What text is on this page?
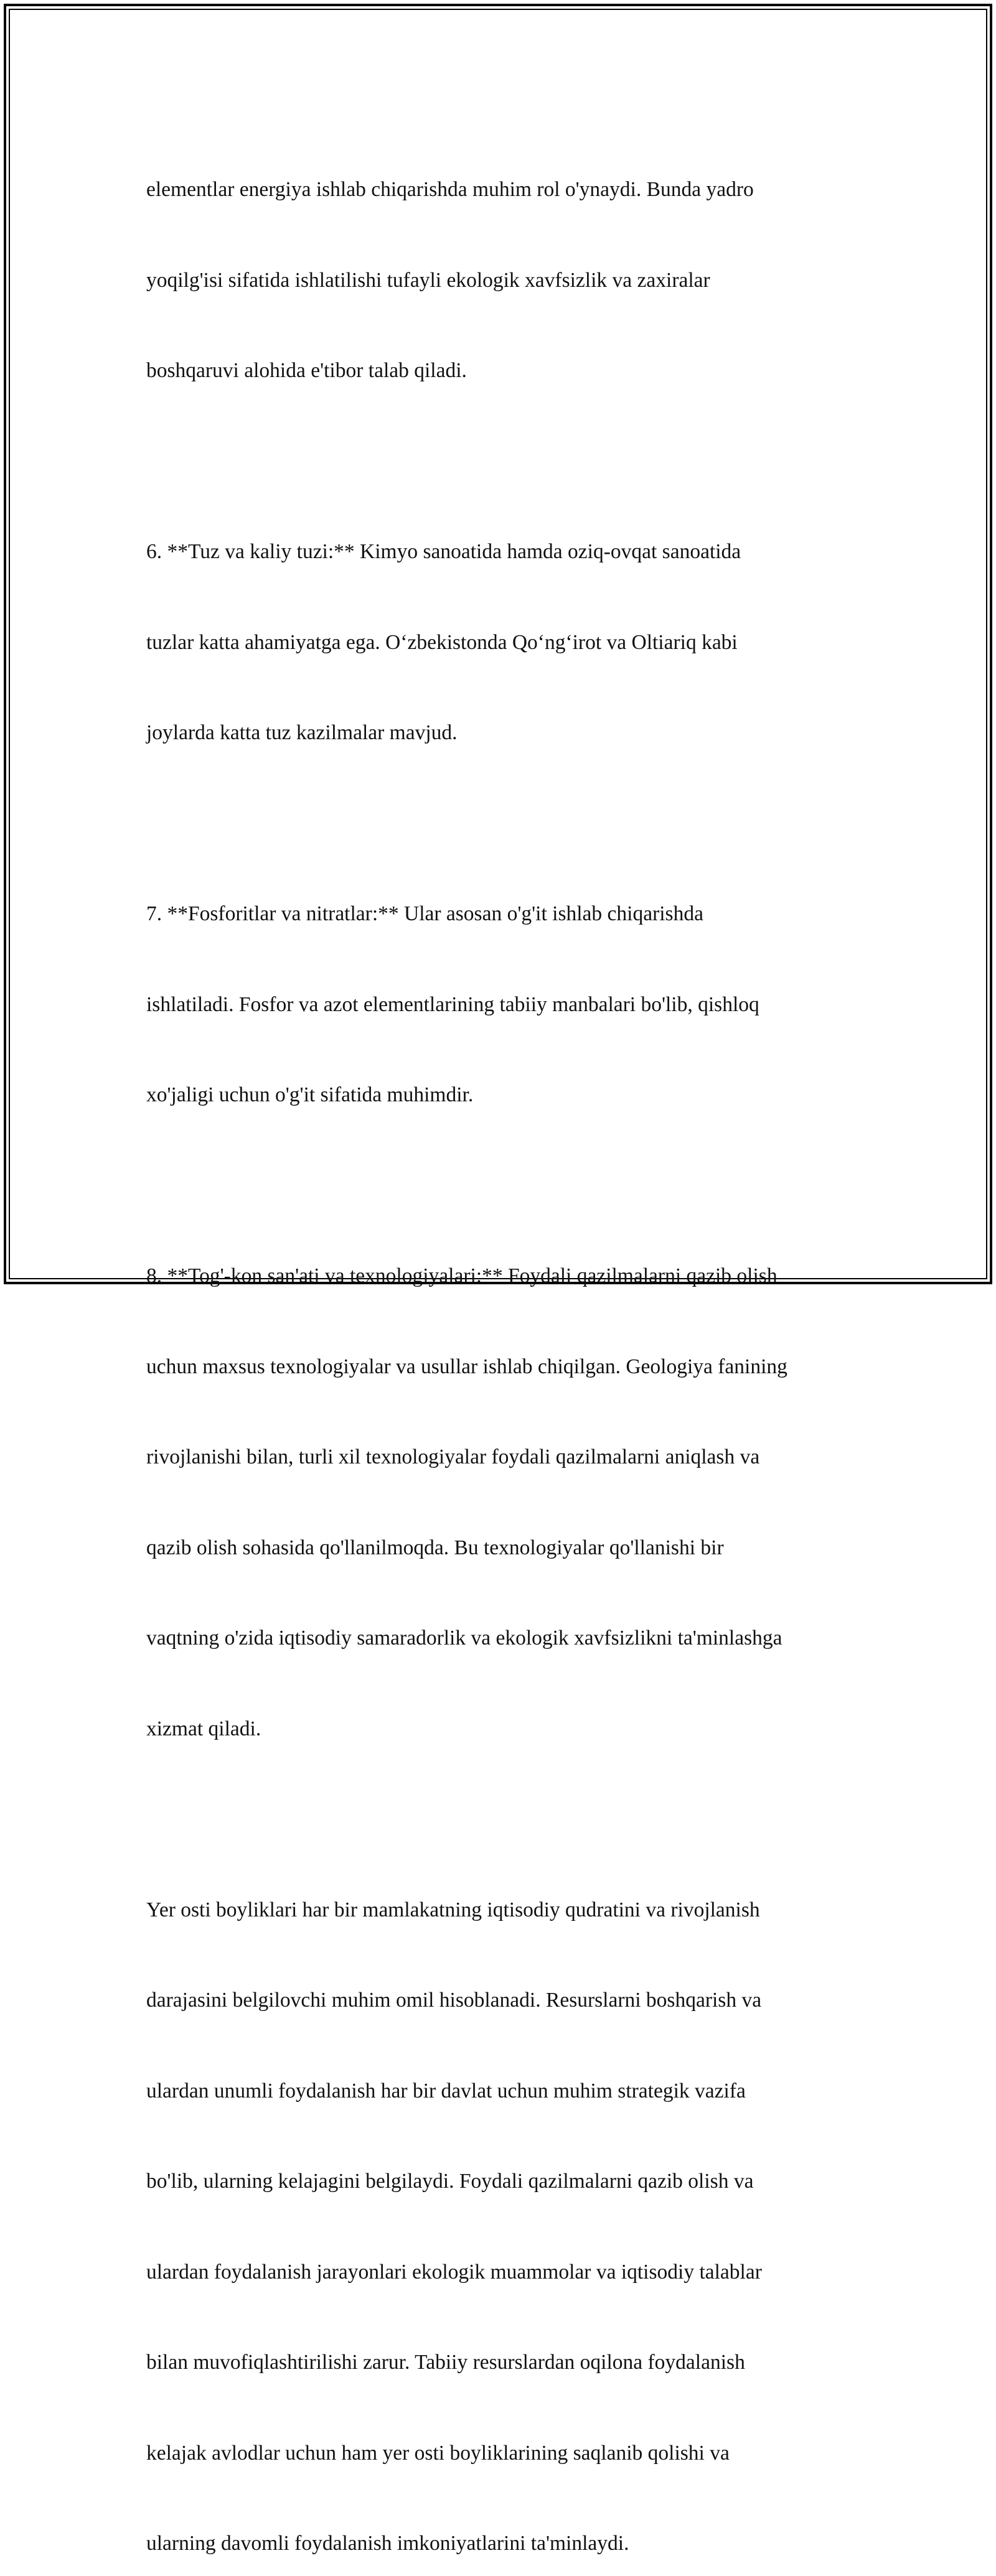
elementlar energiya ishlab chiqarishda muhim rol o'ynaydi. Bunda yadro

yoqilg'isi sifatida ishlatilishi tufayli ekologik xavfsizlik va zaxiralar

boshqaruvi alohida e'tibor talab qiladi.

6. **Tuz va kaliy tuzi:** Kimyo sanoatida hamda oziq-ovqat sanoatida

tuzlar katta ahamiyatga ega. O‘zbekistonda Qo‘ng‘irot va Oltiariq kabi

joylarda katta tuz kazilmalar mavjud.

7. **Fosforitlar va nitratlar:** Ular asosan o'g'it ishlab chiqarishda

ishlatiladi. Fosfor va azot elementlarining tabiiy manbalari bo'lib, qishloq

xo'jaligi uchun o'g'it sifatida muhimdir.

8. **Tog'-kon san'ati va texnologiyalari:** Foydali qazilmalarni qazib olish

uchun maxsus texnologiyalar va usullar ishlab chiqilgan. Geologiya fanining

rivojlanishi bilan, turli xil texnologiyalar foydali qazilmalarni aniqlash va

qazib olish sohasida qo'llanilmoqda. Bu texnologiyalar qo'llanishi bir

vaqtning o'zida iqtisodiy samaradorlik va ekologik xavfsizlikni ta'minlashga

xizmat qiladi.

Yer osti boyliklari har bir mamlakatning iqtisodiy qudratini va rivojlanish

darajasini belgilovchi muhim omil hisoblanadi. Resurslarni boshqarish va

ulardan unumli foydalanish har bir davlat uchun muhim strategik vazifa

bo'lib, ularning kelajagini belgilaydi. Foydali qazilmalarni qazib olish va

ulardan foydalanish jarayonlari ekologik muammolar va iqtisodiy talablar

bilan muvofiqlashtirilishi zarur. Tabiiy resurslardan oqilona foydalanish

kelajak avlodlar uchun ham yer osti boyliklarining saqlanib qolishi va

ularning davomli foydalanish imkoniyatlarini ta'minlaydi.
